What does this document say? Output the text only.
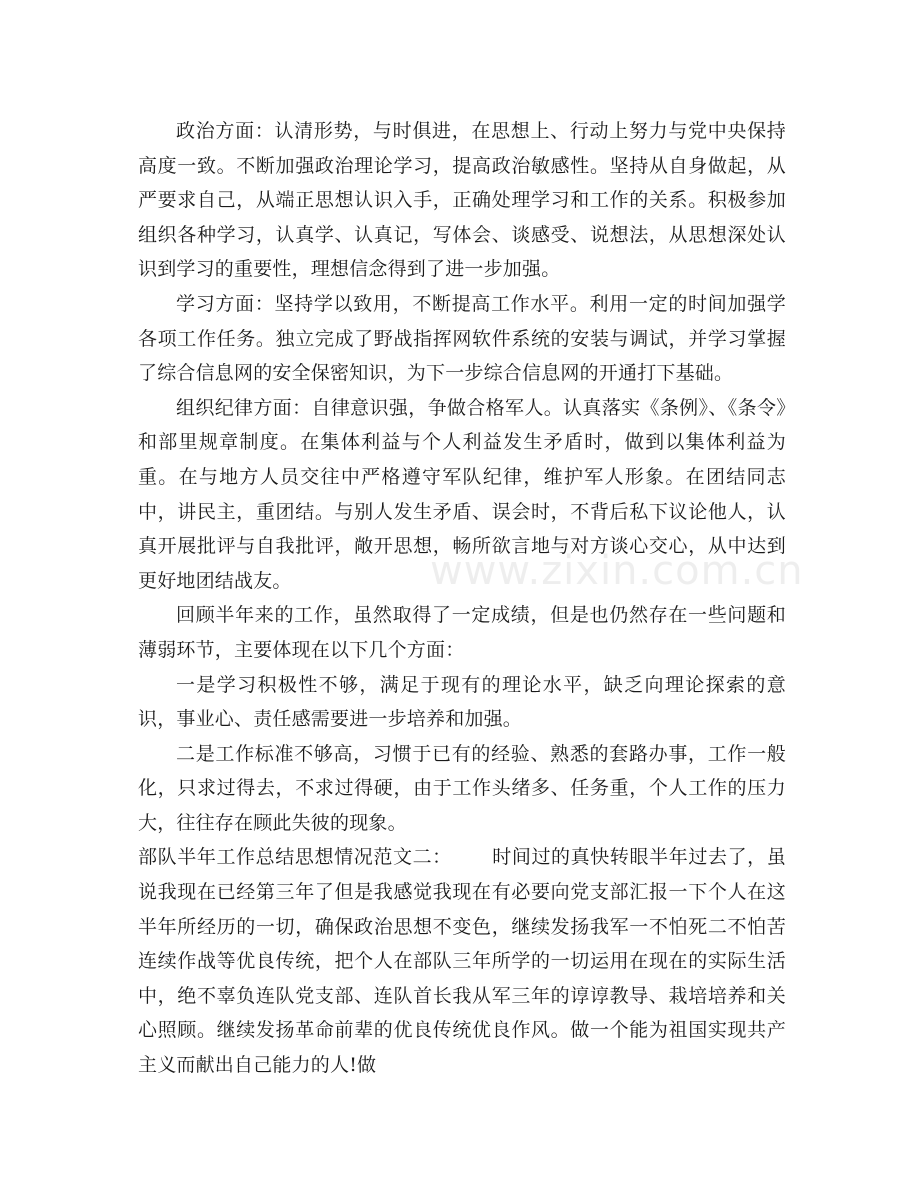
政治方面：认清形势，与时俱进，在思想上、行动上努力与党中央保持高度一致。不断加强政治理论学习，提高政治敏感性。坚持从自身做起，从严要求自己，从端正思想认识入手，正确处理学习和工作的关系。积极参加组织各种学习，认真学、认真记，写体会、谈感受、说想法，从思想深处认识到学习的重要性，理想信念得到了进一步加强。

学习方面：坚持学以致用，不断提高工作水平。利用一定的时间加强学各项工作任务。独立完成了野战指挥网软件系统的安装与调试，并学习掌握了综合信息网的安全保密知识，为下一步综合信息网的开通打下基础。

组织纪律方面：自律意识强，争做合格军人。认真落实《条例》、《条令》和部里规章制度。在集体利益与个人利益发生矛盾时，做到以集体利益为重。在与地方人员交往中严格遵守军队纪律，维护军人形象。在团结同志中，讲民主，重团结。与别人发生矛盾、误会时，不背后私下议论他人，认真开展批评与自我批评，敞开思想，畅所欲言地与对方谈心交心，从中达到更好地团结战友。

回顾半年来的工作，虽然取得了一定成绩，但是也仍然存在一些问题和薄弱环节，主要体现在以下几个方面：

一是学习积极性不够，满足于现有的理论水平，缺乏向理论探索的意识，事业心、责任感需要进一步培养和加强。

二是工作标准不够高，习惯于已有的经验、熟悉的套路办事，工作一般化，只求过得去，不求过得硬，由于工作头绪多、任务重，个人工作的压力大，往往存在顾此失彼的现象。

部队半年工作总结思想情况范文二： 时间过的真快转眼半年过去了，虽说我现在已经第三年了但是我感觉我现在有必要向党支部汇报一下个人在这半年所经历的一切，确保政治思想不变色，继续发扬我军一不怕死二不怕苦连续作战等优良传统，把个人在部队三年所学的一切运用在现在的实际生活中，绝不辜负连队党支部、连队首长我从军三年的谆谆教导、栽培培养和关心照顾。继续发扬革命前辈的优良传统优良作风。做一个能为祖国实现共产主义而献出自己能力的人!做

www.zixin.com.cn
